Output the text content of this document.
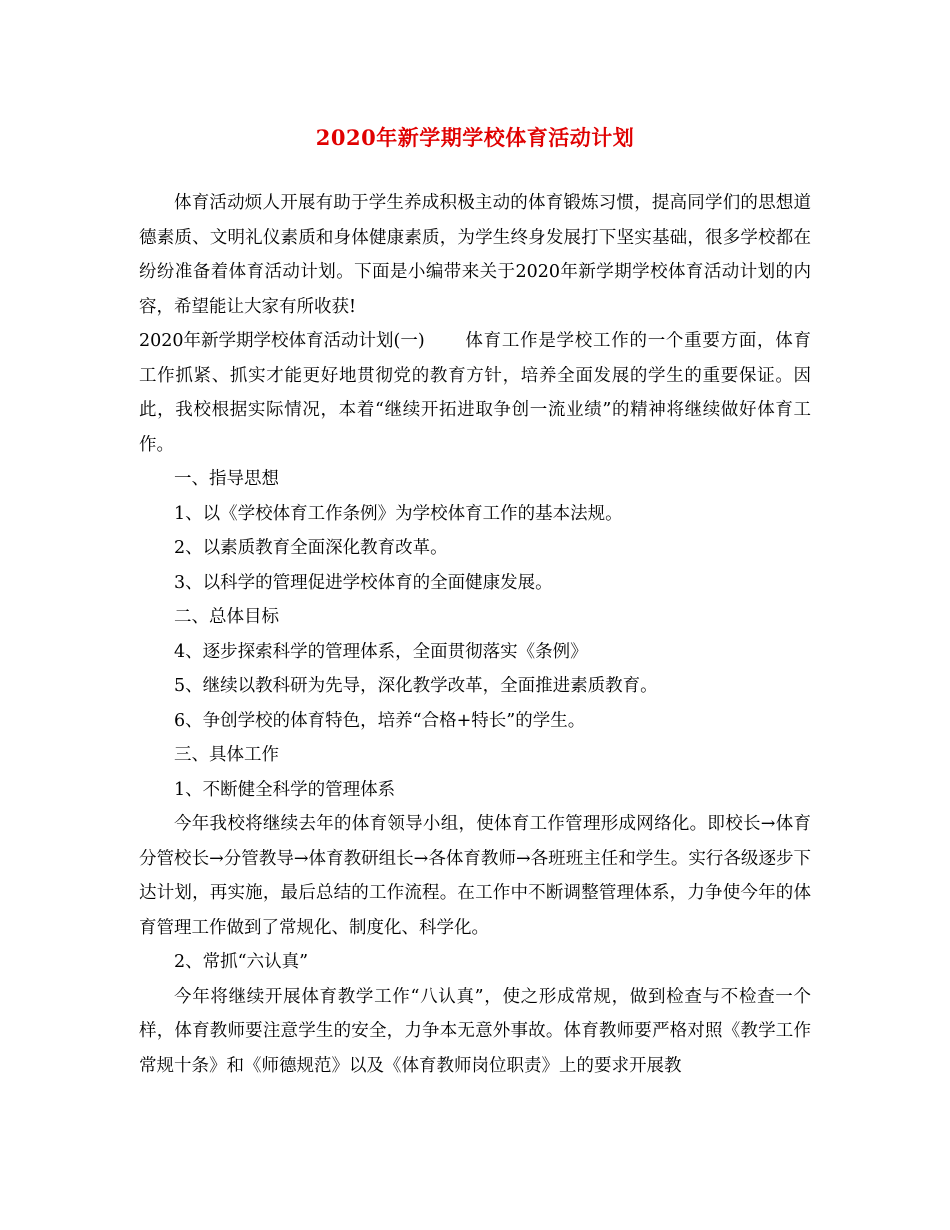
2020年新学期学校体育活动计划

体育活动烦人开展有助于学生养成积极主动的体育锻炼习惯，提高同学们的思想道德素质、文明礼仪素质和身体健康素质，为学生终身发展打下坚实基础，很多学校都在纷纷准备着体育活动计划。下面是小编带来关于2020年新学期学校体育活动计划的内容，希望能让大家有所收获!

2020年新学期学校体育活动计划(一) 体育工作是学校工作的一个重要方面，体育工作抓紧、抓实才能更好地贯彻党的教育方针，培养全面发展的学生的重要保证。因此，我校根据实际情况，本着“继续开拓进取争创一流业绩”的精神将继续做好体育工作。

一、指导思想

1、以《学校体育工作条例》为学校体育工作的基本法规。

2、以素质教育全面深化教育改革。

3、以科学的管理促进学校体育的全面健康发展。

二、总体目标

4、逐步探索科学的管理体系，全面贯彻落实《条例》

5、继续以教科研为先导，深化教学改革，全面推进素质教育。

6、争创学校的体育特色，培养“合格+特长”的学生。

三、具体工作

1、不断健全科学的管理体系

今年我校将继续去年的体育领导小组，使体育工作管理形成网络化。即校长→体育分管校长→分管教导→体育教研组长→各体育教师→各班班主任和学生。实行各级逐步下达计划，再实施，最后总结的工作流程。在工作中不断调整管理体系，力争使今年的体育管理工作做到了常规化、制度化、科学化。

2、常抓“六认真”

今年将继续开展体育教学工作“八认真”，使之形成常规，做到检查与不检查一个样，体育教师要注意学生的安全，力争本无意外事故。体育教师要严格对照《教学工作常规十条》和《师德规范》以及《体育教师岗位职责》上的要求开展教
